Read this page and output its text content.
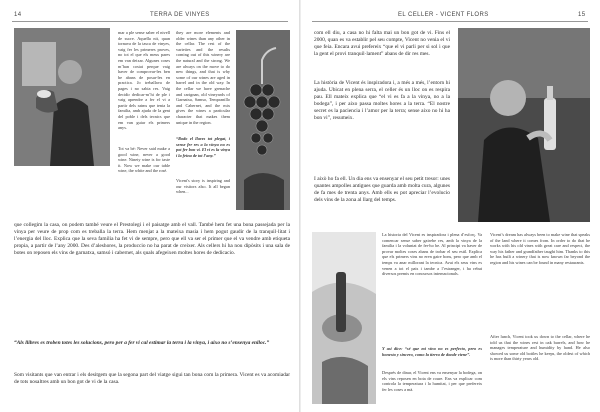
14	TERRA DE VINYES
mar a ple sense saber el nivell de sucre. Aquella nit, quan tornava de la tasca de vinyes, vaig fer les primeres proves, no tot el que els meus pares em van deixar. Algunes coses m’han costat perque vaig haver de comprovar-les ben be abans de posar-les en practica. Jo treballava de pages i no sabia res. Vaig decidir dedicar-m’hi de ple i vaig aprendre a fer el vi a partir dels raims que tenia la familia, amb ajuda de la gent del poble i dels tecnics que em van guiar els primers anys.
Tot va bé: Never said make a good wine, never a good wine. Ninety wine is for taste it. Now we make our table wine, the white and the rosé.
they are more elements and older wines than any other in the cellar. The rest of the varieties and the results coming out of this winery are the natural and the strong. We are always on the move to do new things, and that is why some of our wines are aged in barrel and in the old way. In the cellar we have grenache and carignan, old vineyards of Garnatxa, Samso, Tempranillo and Cabernet, and the mix gives the wines a particular character that makes them unique in the region.
“Rodo el llaves tot plegat, i sense fer res a la vinya no es pot fer bon vi. El vi es la vinya i la feina de tot l’any.”
Vicent's story is inspiring and our visitors also. It all began when...
que collegim la casa, on podem també veure el Prestolegi i el paisatge amb el vall. També hem fet una bona passejada per la vinya per veure de prop com es treballa la terra. Hem menjat a la mateixa masia i hem pogut gaudir de la tranquil·litat i l’energia del lloc. Explica que la seva familia ha fet vi de sempre, pero que ell va ser el primer que el va vendre amb etiqueta propia, a partir de l’any 2000. Des d’aleshores, la produccio no ha parat de creixer. Als cellers hi ha nou dipòsits i una sala de botes on reposen els vins de garnatxa, samsó i cabernet, als quals afegeixen moltes hores de dedicacio.
“Als llibres es troben totes les solucions, pero per a fer vi cal estimar la terra i la vinya, i aixo no s’ensenya enlloc.”
Som visitants que van entrar i els desitgem que la segona part del viatge sigui tan bona com la primera. Vicent es va acomiadar de tots nosaltres amb un bon got de vi de la casa.
EL CELLER - VICENT FLORS	15
com ell diu, a casa no hi falta mai un bon got de vi. Fins el 2000, quan es va establir pel seu compte, Vicent no venia el vi que feia. Encara avui prefereix “que el vi parli per si sol i que la gent el provi tranquil·lament” abans de dir res mes.
La història de Vicent és inspiradora i, a més a més, l’entorn hi ajuda. Ubicat en plena serra, el celler és un lloc on es respira pau. Ell mateix explica que “el vi es fa a la vinya, no a la bodega”, i per aixo passa moltes hores a la terra. “El nostre secret es la paciencia i l’amor per la terra; sense aixo no hi ha bon vi”, resumeix.
I això ho fa ell. Un dia ens va ensenyar el seu petit tresor: unes quantes ampolles antigues que guarda amb molta cura, algunes de fa mes de trenta anys. Amb ells es pot apreciar l’evolucio dels vins de la zona al llarg del temps.
La historia del Vicent es inspiradora i plena d’esforç. Va comencar sense saber gairebe res, amb la vinya de la familia i la voluntat de fer-ho be. Al principi va haver de provar moltes coses abans de trobar el seu estil. Explica que els primers vins no eren gaire bons, pero que amb el temps va anar millorant la tecnica. Avui els seus vins es venen a tot el pais i tambe a l’estranger, i ha rebut diversos premis en concursos internacionals.
Y así dice: “sé que mi vino no es perfecto, pero es honesto y sincero, como la tierra de donde viene”.
Després de dinar, el Vicent ens va ensenyar la bodega, on els vins reposen en bota de roure. Ens va explicar com controla la temperatura i la humitat, i per que prefereix fer les coses a mà.
Vicent’s dream has always been to make wine that speaks of the land where it comes from. In order to do that he works with his old vines with great care and respect, the way his father and grandfather taught him. Thanks to this he has built a winery that is now known far beyond the region and his wines can be found in many restaurants.
After lunch, Vicent took us down to the cellar, where he told us that the wines rest in oak barrels, and how he manages temperature and humidity by hand. He also showed us some old bottles he keeps, the oldest of which is more than thirty years old.
